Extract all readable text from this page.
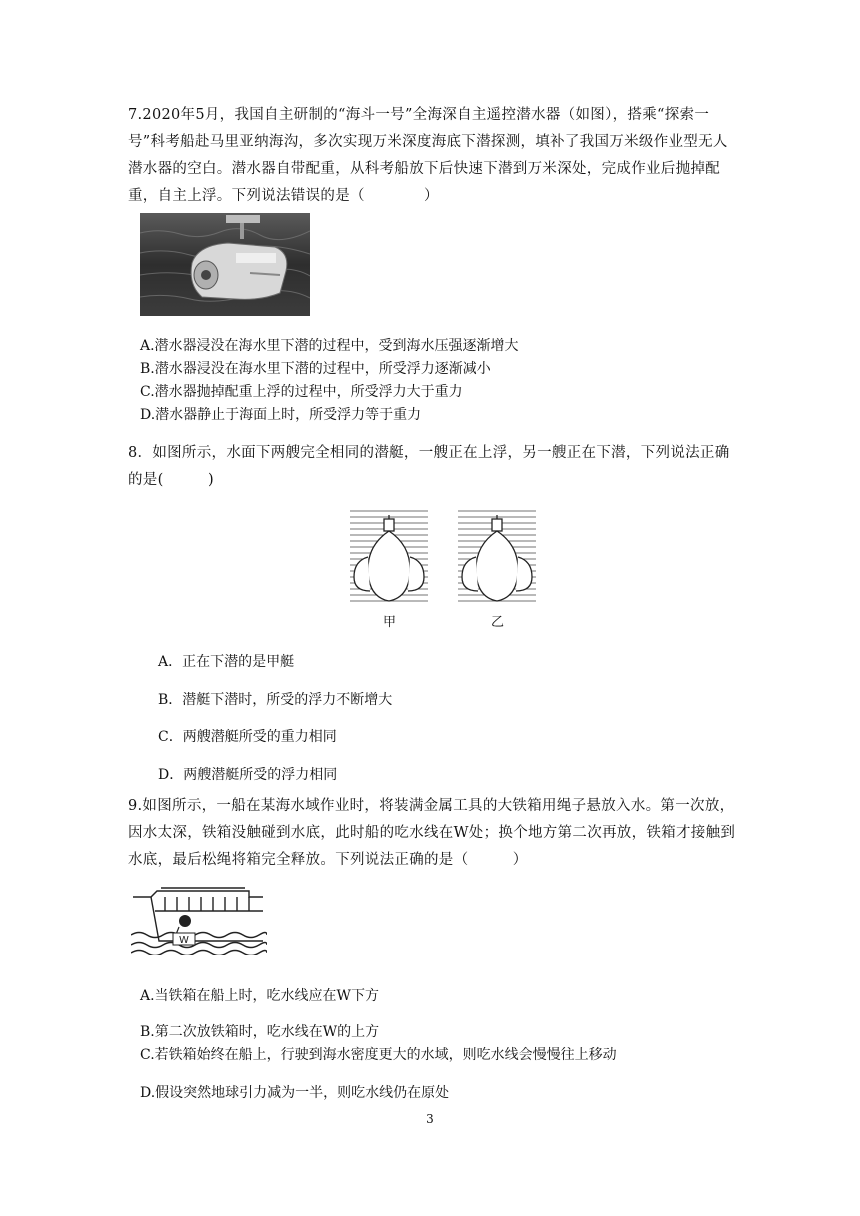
7.2020年5月，我国自主研制的“海斗一号”全海深自主遥控潜水器（如图），搭乘“探索一号”科考船赴马里亚纳海沟，多次实现万米深度海底下潜探测，填补了我国万米级作业型无人潜水器的空白。潜水器自带配重，从科考船放下后快速下潜到万米深处，完成作业后抛掉配重，自主上浮。下列说法错误的是（　　　　）
A.潜水器浸没在海水里下潜的过程中，受到海水压强逐渐增大
B.潜水器浸没在海水里下潜的过程中，所受浮力逐渐减小
C.潜水器抛掉配重上浮的过程中，所受浮力大于重力
D.潜水器静止于海面上时，所受浮力等于重力
8．如图所示，水面下两艘完全相同的潜艇，一艘正在上浮，另一艘正在下潜，下列说法正确的是(　　　)
甲	乙
A．正在下潜的是甲艇
B．潜艇下潜时，所受的浮力不断增大
C．两艘潜艇所受的重力相同
D．两艘潜艇所受的浮力相同
9.如图所示，一船在某海水域作业时，将装满金属工具的大铁箱用绳子悬放入水。第一次放，因水太深，铁箱没触碰到水底，此时船的吃水线在W处；换个地方第二次再放，铁箱才接触到水底，最后松绳将箱完全释放。下列说法正确的是（　　　）
W
A.当铁箱在船上时，吃水线应在W下方
B.第二次放铁箱时，吃水线在W的上方
C.若铁箱始终在船上，行驶到海水密度更大的水域，则吃水线会慢慢往上移动
D.假设突然地球引力减为一半，则吃水线仍在原处
3
